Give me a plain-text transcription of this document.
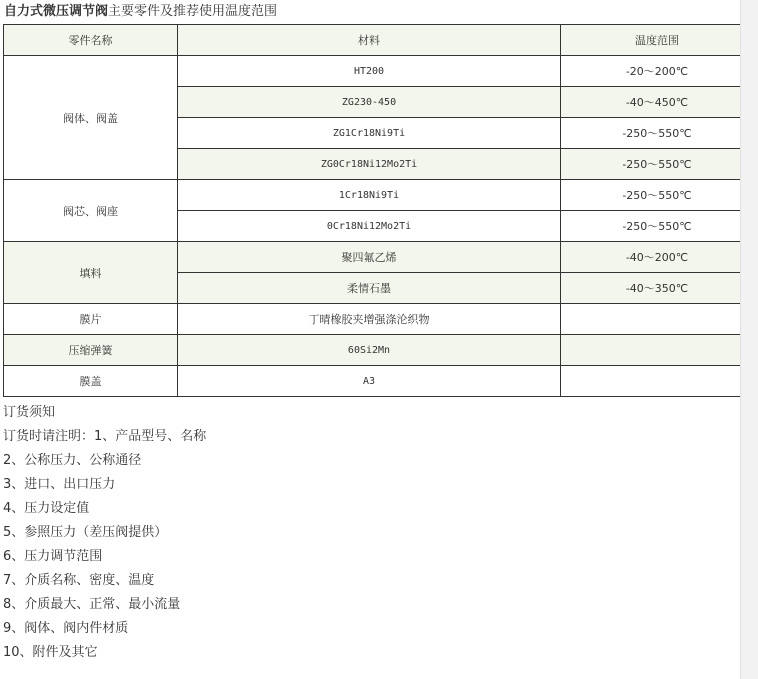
自力式微压调节阀主要零件及推荐使用温度范围
零件名称	材料	温度范围
阀体、阀盖	HT200	-20～200℃
	ZG230-450	-40～450℃
	ZG1Cr18Ni9Ti	-250～550℃
	ZG0Cr18Ni12Mo2Ti	-250～550℃
阀芯、阀座	1Cr18Ni9Ti	-250～550℃
	0Cr18Ni12Mo2Ti	-250～550℃
填料	聚四氟乙烯	-40～200℃
	柔情石墨	-40～350℃
膜片	丁晴橡胶夹增强涤沦织物	
压缩弹簧	60Si2Mn	
膜盖	A3	
订货须知
订货时请注明：1、产品型号、名称
2、公称压力、公称通径
3、进口、出口压力
4、压力设定值
5、参照压力（差压阀提供）
6、压力调节范围
7、介质名称、密度、温度
8、介质最大、正常、最小流量
9、阀体、阀内件材质
10、附件及其它
